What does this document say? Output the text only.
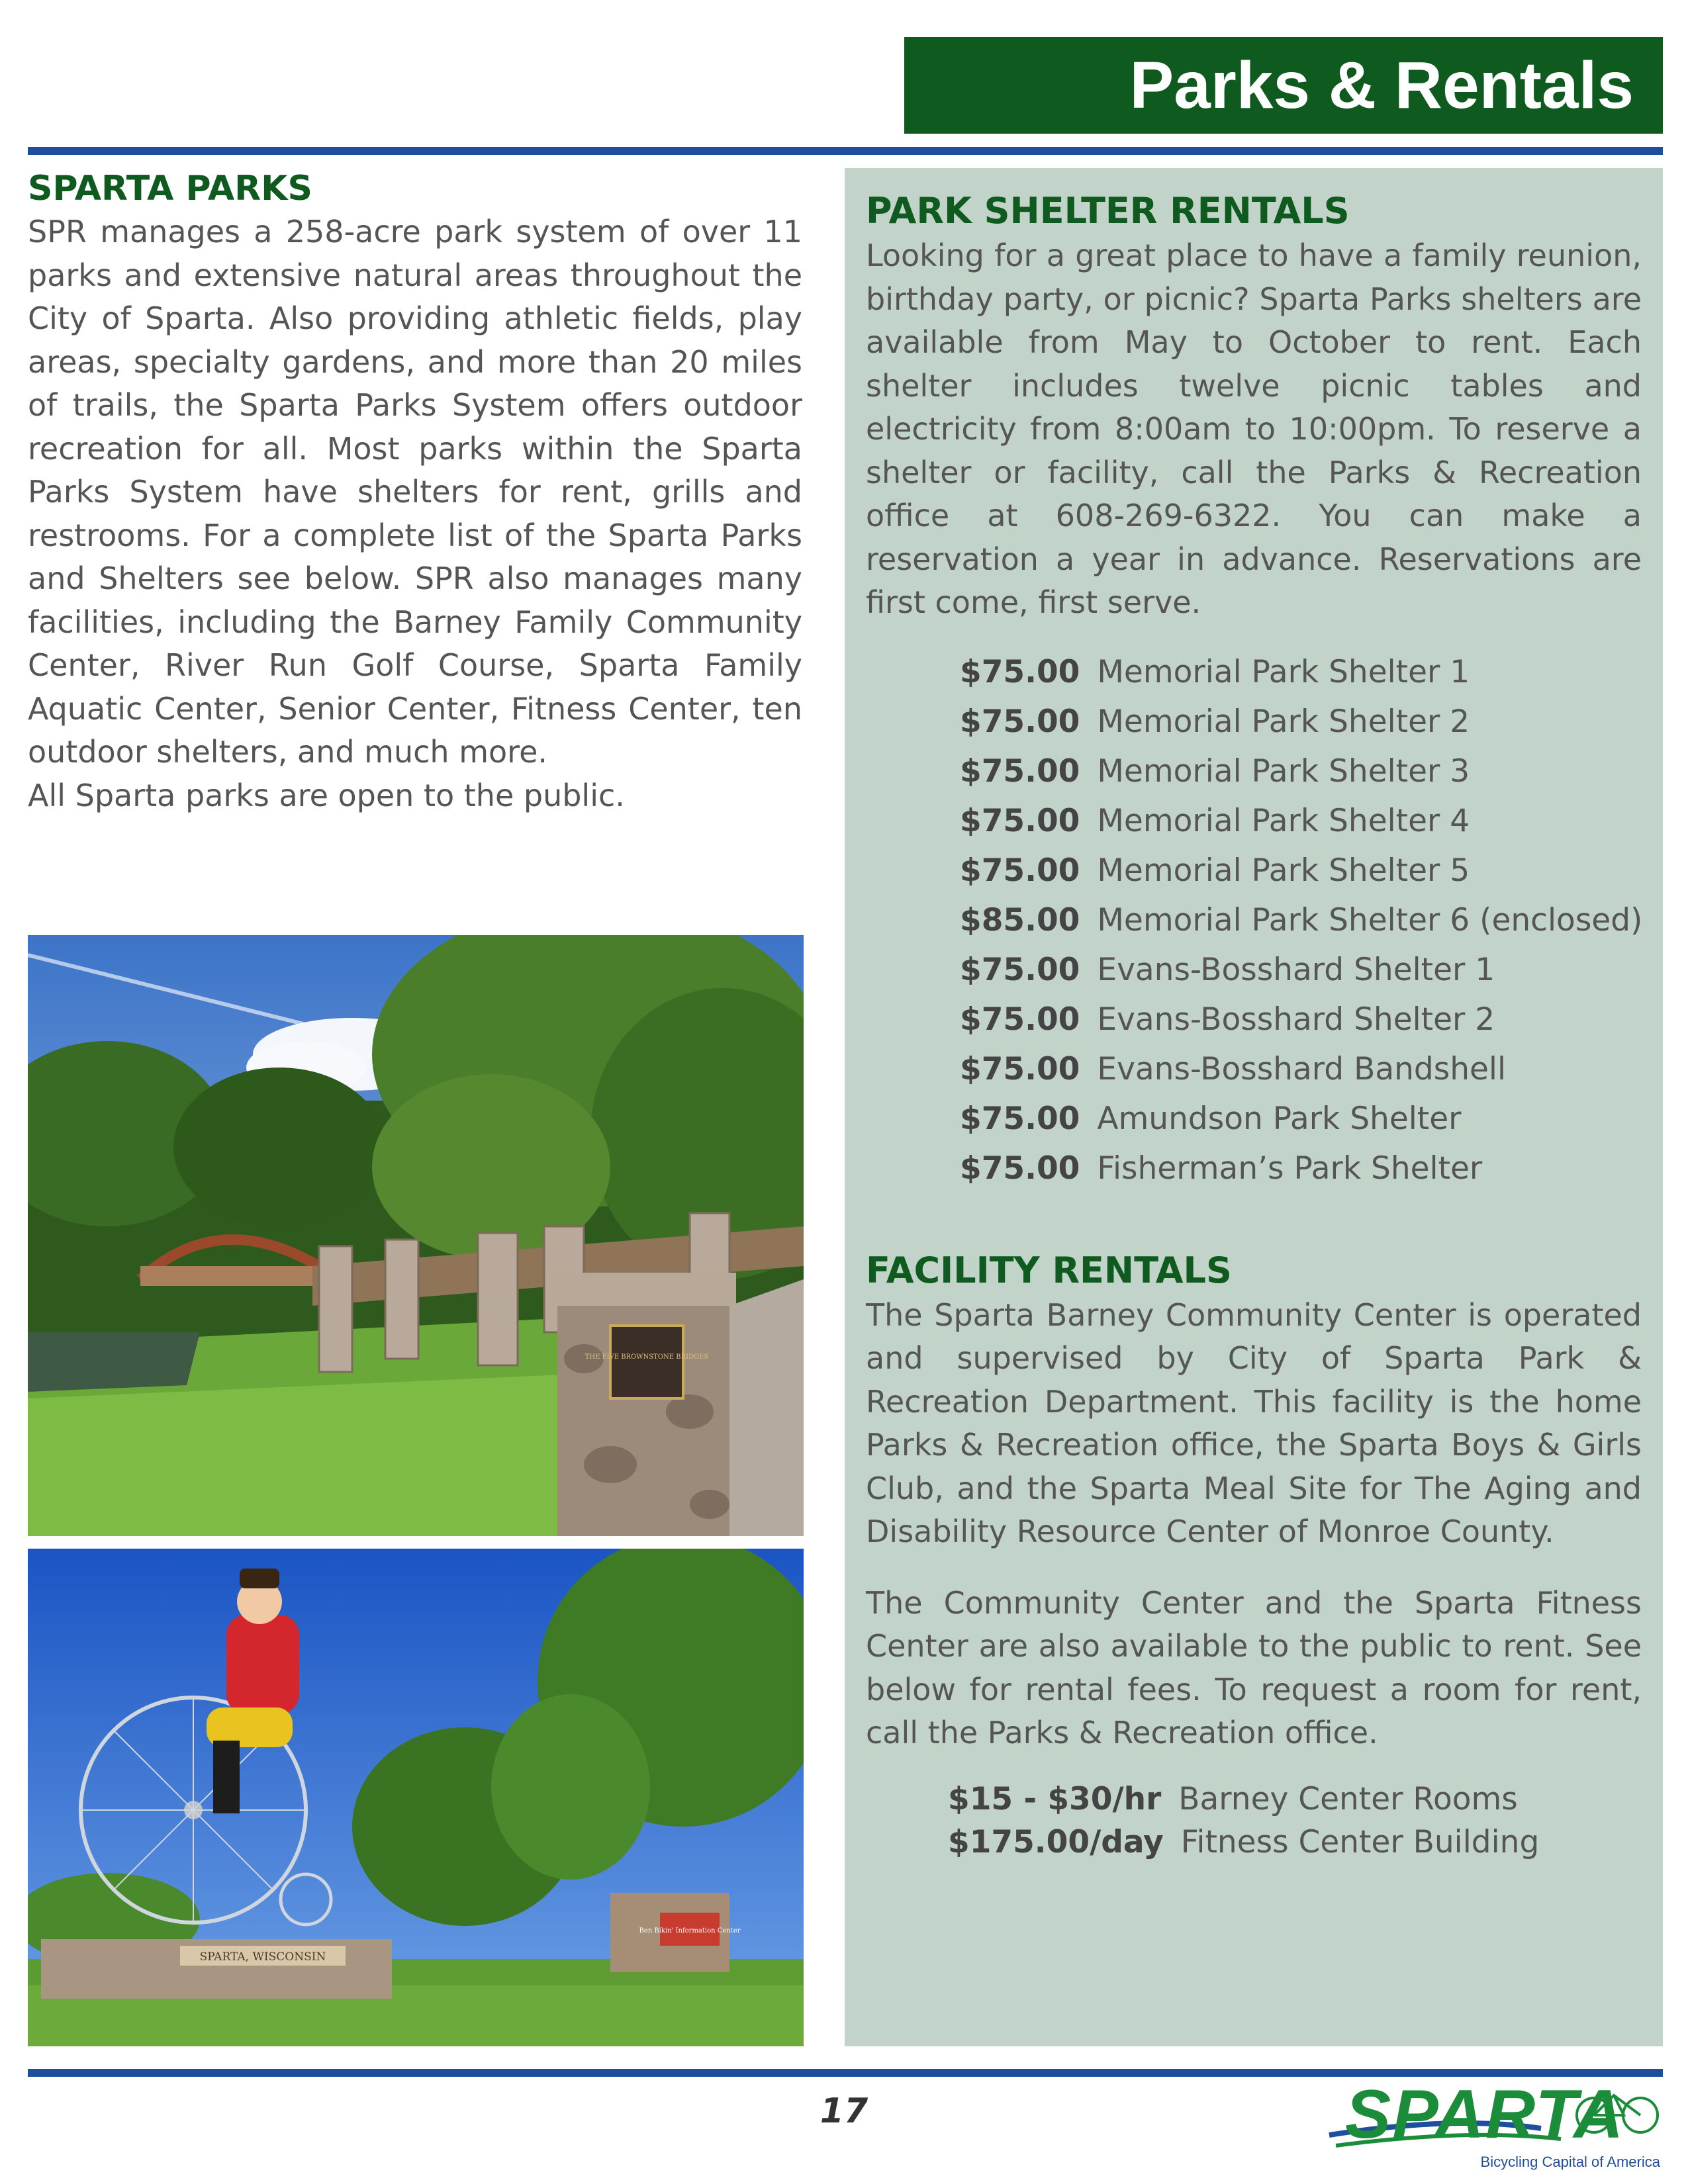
Parks & Rentals
SPARTA PARKS

SPR manages a 258-acre park system of over 11 parks and extensive natural areas throughout the City of Sparta. Also providing athletic fields, play areas, specialty gardens, and more than 20 miles of trails, the Sparta Parks System offers outdoor recreation for all. Most parks within the Sparta Parks System have shelters for rent, grills and restrooms. For a complete list of the Sparta Parks and Shelters see below. SPR also manages many facilities, including the Barney Family Community Center, River Run Golf Course, Sparta Family Aquatic Center, Senior Center, Fitness Center, ten outdoor shelters, and much more.

All Sparta parks are open to the public.

THE FIVE BROWNSTONE BRIDGES
SPARTA, WISCONSIN
Ben Bikin' Information Center
PARK SHELTER RENTALS

Looking for a great place to have a family reunion, birthday party, or picnic? Sparta Parks shelters are available from May to October to rent. Each shelter includes twelve picnic tables and electricity from 8:00am to 10:00pm. To reserve a shelter or facility, call the Parks & Recreation office at 608-269-6322. You can make a reservation a year in advance. Reservations are first come, first serve.

$75.00 Memorial Park Shelter 1
$75.00 Memorial Park Shelter 2
$75.00 Memorial Park Shelter 3
$75.00 Memorial Park Shelter 4
$75.00 Memorial Park Shelter 5
$85.00 Memorial Park Shelter 6 (enclosed)
$75.00 Evans-Bosshard Shelter 1
$75.00 Evans-Bosshard Shelter 2
$75.00 Evans-Bosshard Bandshell
$75.00 Amundson Park Shelter
$75.00 Fisherman’s Park Shelter
FACILITY RENTALS

The Sparta Barney Community Center is operated and supervised by City of Sparta Park & Recreation Department. This facility is the home Parks & Recreation office, the Sparta Boys & Girls Club, and the Sparta Meal Site for The Aging and Disability Resource Center of Monroe County.

The Community Center and the Sparta Fitness Center are also available to the public to rent. See below for rental fees. To request a room for rent, call the Parks & Recreation office.

$15 - $30/hr Barney Center Rooms
$175.00/day Fitness Center Building
17	SPARTA
Bicycling Capital of America
